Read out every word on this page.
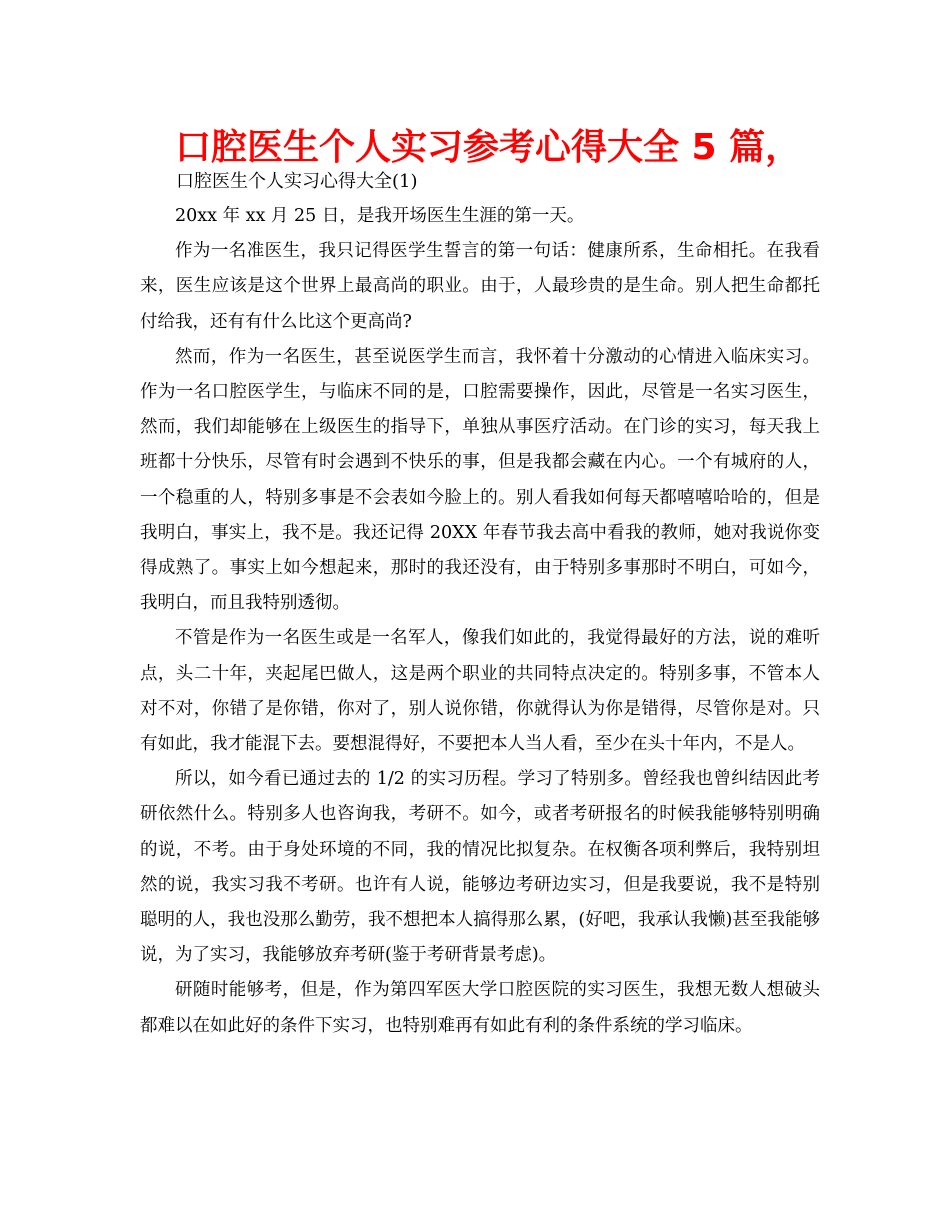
口腔医生个人实习参考心得大全 5 篇，
口腔医生个人实习心得大全(1)

20xx 年 xx 月 25 日，是我开场医生生涯的第一天。

作为一名准医生，我只记得医学生誓言的第一句话：健康所系，生命相托。在我看来，医生应该是这个世界上最高尚的职业。由于，人最珍贵的是生命。别人把生命都托付给我，还有有什么比这个更高尚?

然而，作为一名医生，甚至说医学生而言，我怀着十分激动的心情进入临床实习。作为一名口腔医学生，与临床不同的是，口腔需要操作，因此，尽管是一名实习医生，然而，我们却能够在上级医生的指导下，单独从事医疗活动。在门诊的实习，每天我上班都十分快乐，尽管有时会遇到不快乐的事，但是我都会藏在内心。一个有城府的人，一个稳重的人，特别多事是不会表如今脸上的。别人看我如何每天都嘻嘻哈哈的，但是我明白，事实上，我不是。我还记得 20XX 年春节我去高中看我的教师，她对我说你变得成熟了。事实上如今想起来，那时的我还没有，由于特别多事那时不明白，可如今，我明白，而且我特别透彻。

不管是作为一名医生或是一名军人，像我们如此的，我觉得最好的方法，说的难听点，头二十年，夹起尾巴做人，这是两个职业的共同特点决定的。特别多事，不管本人对不对，你错了是你错，你对了，别人说你错，你就得认为你是错得，尽管你是对。只有如此，我才能混下去。要想混得好，不要把本人当人看，至少在头十年内，不是人。

所以，如今看已通过去的 1/2 的实习历程。学习了特别多。曾经我也曾纠结因此考研依然什么。特别多人也咨询我，考研不。如今，或者考研报名的时候我能够特别明确的说，不考。由于身处环境的不同，我的情况比拟复杂。在权衡各项利弊后，我特别坦然的说，我实习我不考研。也许有人说，能够边考研边实习，但是我要说，我不是特别聪明的人，我也没那么勤劳，我不想把本人搞得那么累，(好吧，我承认我懒)甚至我能够说，为了实习，我能够放弃考研(鉴于考研背景考虑)。

研随时能够考，但是，作为第四军医大学口腔医院的实习医生，我想无数人想破头都难以在如此好的条件下实习，也特别难再有如此有利的条件系统的学习临床。
